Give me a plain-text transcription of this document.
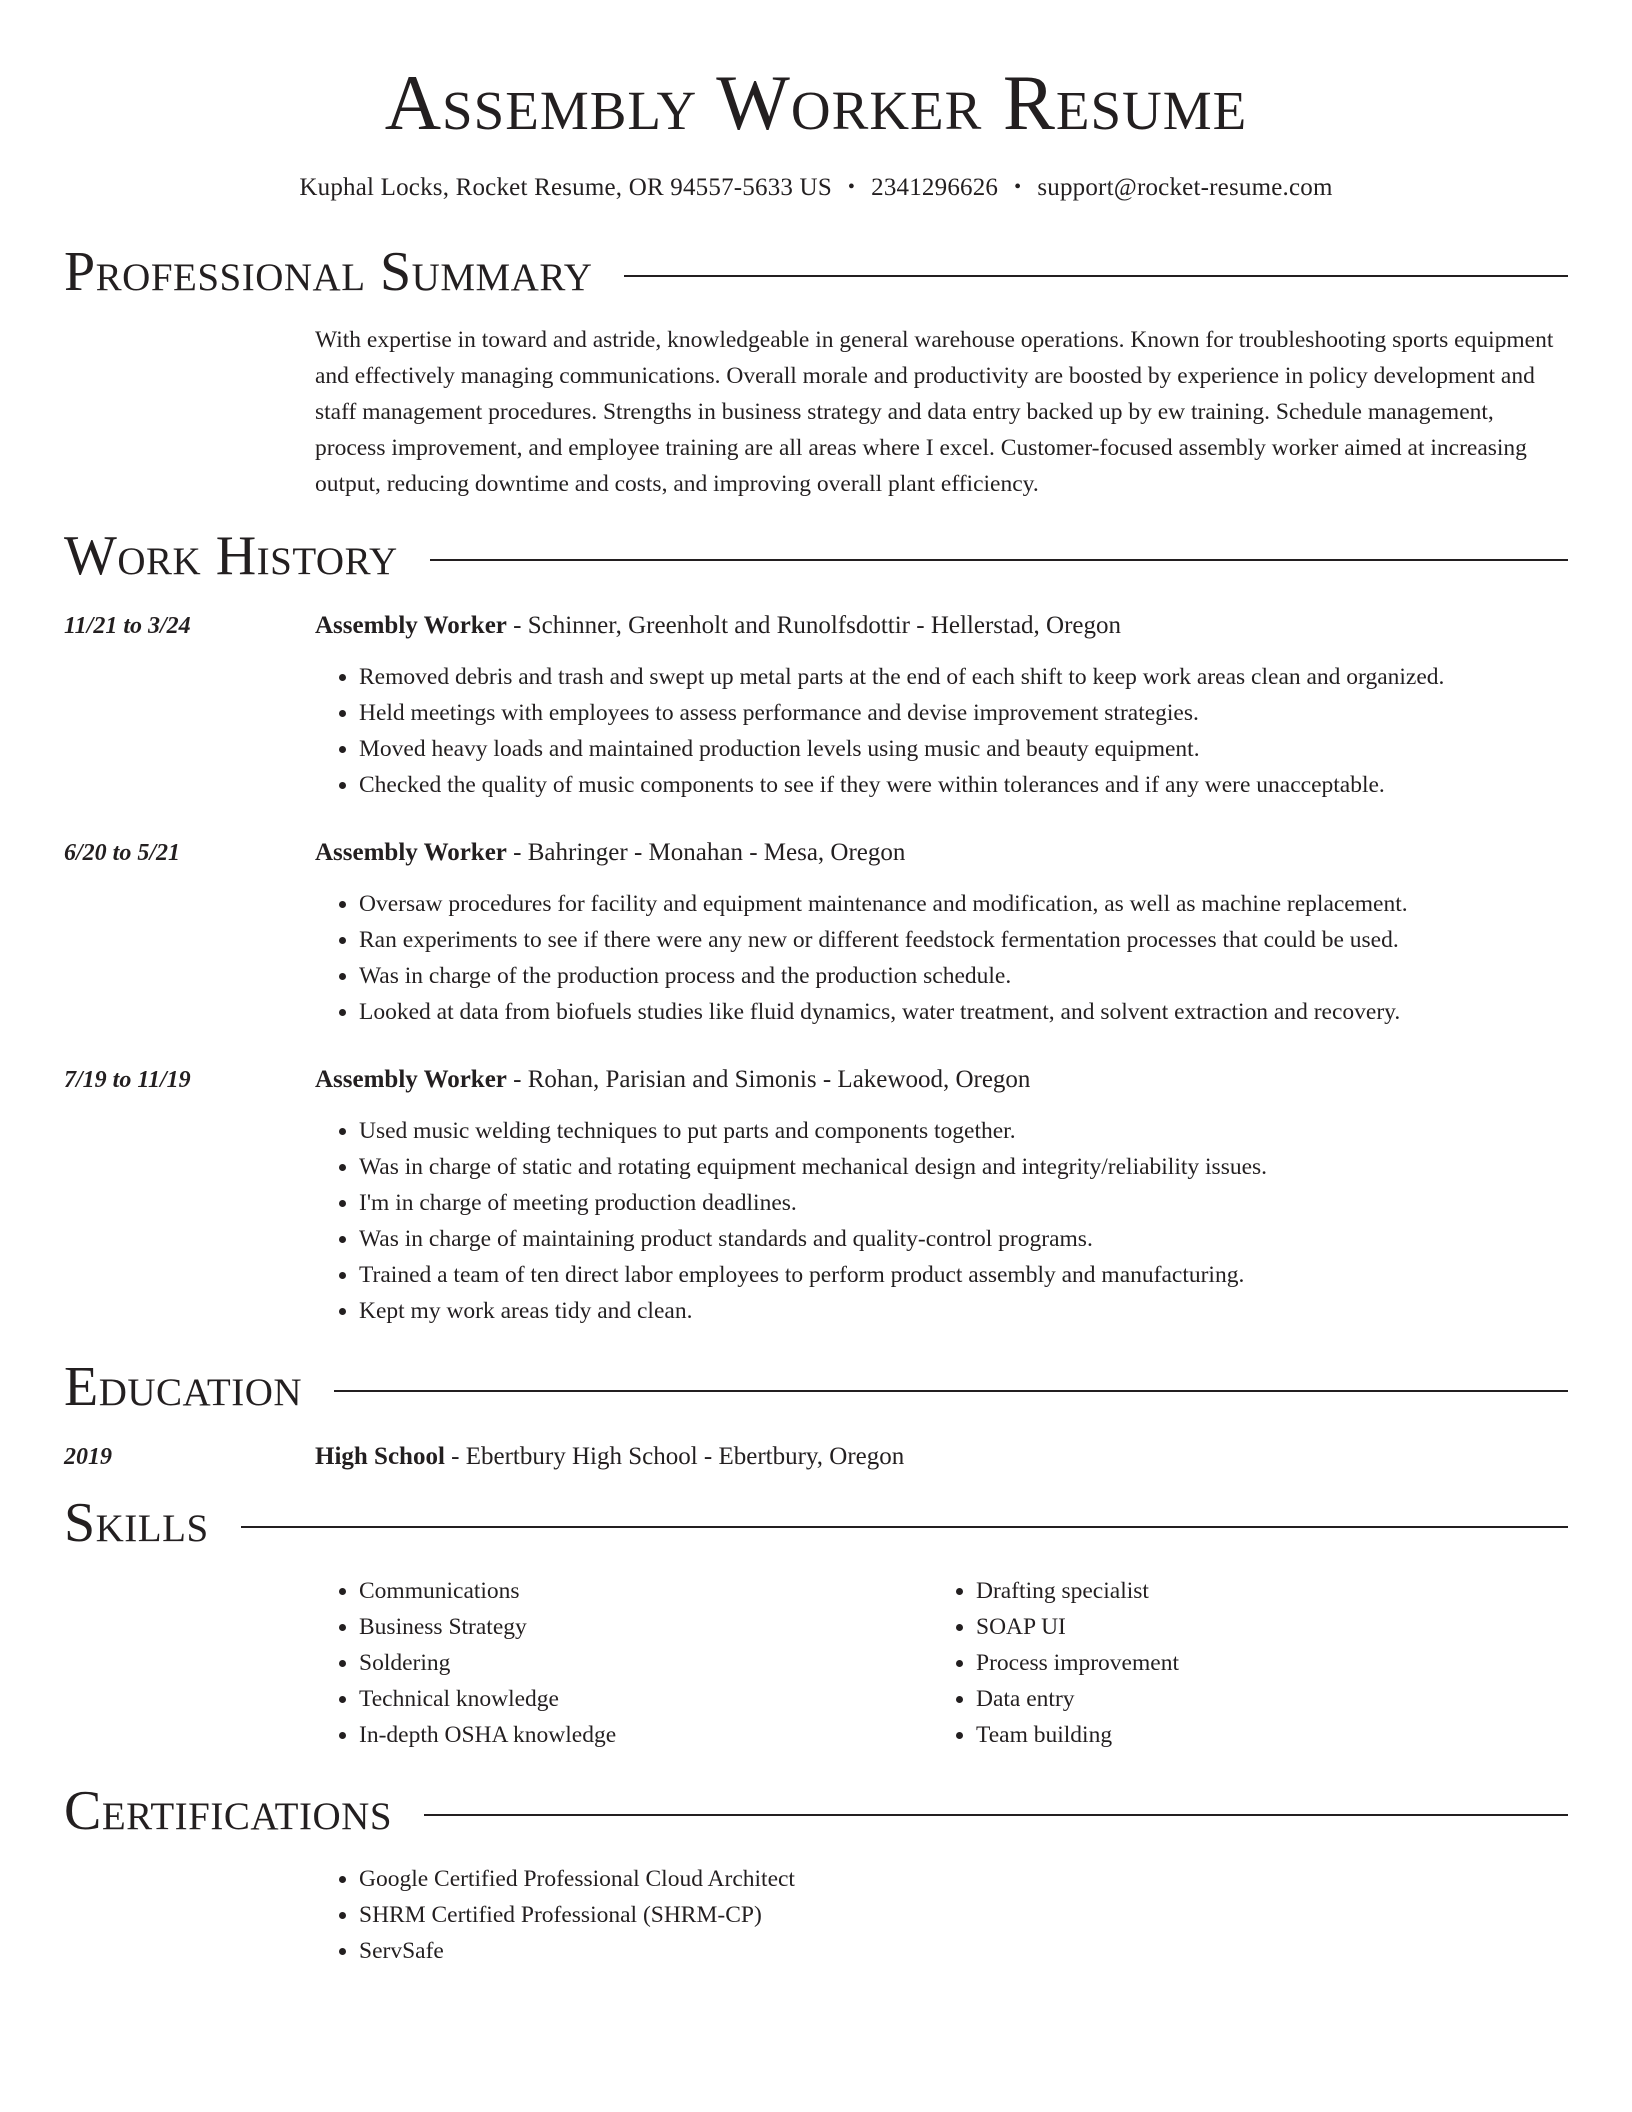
Assembly Worker Resume
Kuphal Locks, Rocket Resume, OR 94557-5633 US • 2341296626 • support@rocket-resume.com
Professional Summary

With expertise in toward and astride, knowledgeable in general warehouse operations. Known for troubleshooting sports equipment and effectively managing communications. Overall morale and productivity are boosted by experience in policy development and staff management procedures. Strengths in business strategy and data entry backed up by ew training. Schedule management, process improvement, and employee training are all areas where I excel. Customer-focused assembly worker aimed at increasing output, reducing downtime and costs, and improving overall plant efficiency.

Work History
11/21 to 3/24	Assembly Worker - Schinner, Greenholt and Runolfsdottir - Hellerstad, Oregon
• Removed debris and trash and swept up metal parts at the end of each shift to keep work areas clean and organized.
• Held meetings with employees to assess performance and devise improvement strategies.
• Moved heavy loads and maintained production levels using music and beauty equipment.
• Checked the quality of music components to see if they were within tolerances and if any were unacceptable.
6/20 to 5/21	Assembly Worker - Bahringer - Monahan - Mesa, Oregon
• Oversaw procedures for facility and equipment maintenance and modification, as well as machine replacement.
• Ran experiments to see if there were any new or different feedstock fermentation processes that could be used.
• Was in charge of the production process and the production schedule.
• Looked at data from biofuels studies like fluid dynamics, water treatment, and solvent extraction and recovery.
7/19 to 11/19	Assembly Worker - Rohan, Parisian and Simonis - Lakewood, Oregon
• Used music welding techniques to put parts and components together.
• Was in charge of static and rotating equipment mechanical design and integrity/reliability issues.
• I'm in charge of meeting production deadlines.
• Was in charge of maintaining product standards and quality-control programs.
• Trained a team of ten direct labor employees to perform product assembly and manufacturing.
• Kept my work areas tidy and clean.
Education
2019	High School - Ebertbury High School - Ebertbury, Oregon
Skills
• Communications
• Business Strategy
• Soldering
• Technical knowledge
• In-depth OSHA knowledge
• Drafting specialist
• SOAP UI
• Process improvement
• Data entry
• Team building
Certifications
• Google Certified Professional Cloud Architect
• SHRM Certified Professional (SHRM-CP)
• ServSafe
